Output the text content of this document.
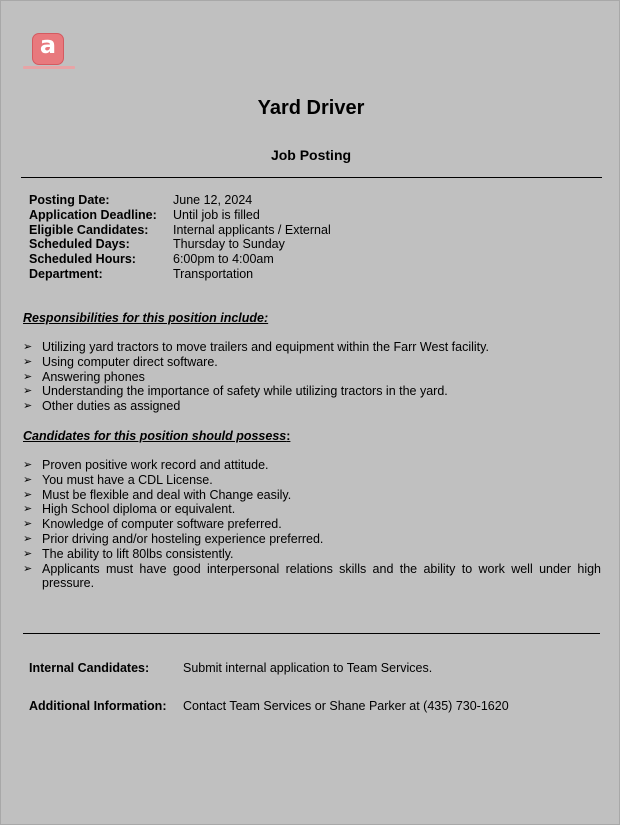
a
Yard Driver
Job Posting
Posting Date:	June 12, 2024
Application Deadline:	Until job is filled
Eligible Candidates:	Internal applicants / External
Scheduled Days:	Thursday to Sunday
Scheduled Hours:	6:00pm to 4:00am
Department:	Transportation
Responsibilities for this position include:
➢ Utilizing yard tractors to move trailers and equipment within the Farr West facility.
➢ Using computer direct software.
➢ Answering phones
➢ Understanding the importance of safety while utilizing tractors in the yard.
➢ Other duties as assigned
Candidates for this position should possess:
➢ Proven positive work record and attitude.
➢ You must have a CDL License.
➢ Must be flexible and deal with Change easily.
➢ High School diploma or equivalent.
➢ Knowledge of computer software preferred.
➢ Prior driving and/or hosteling experience preferred.
➢ The ability to lift 80lbs consistently.
➢ Applicants must have good interpersonal relations skills and the ability to work well under high pressure.
Internal Candidates:	Submit internal application to Team Services.
Additional Information:	Contact Team Services or Shane Parker at (435) 730-1620
